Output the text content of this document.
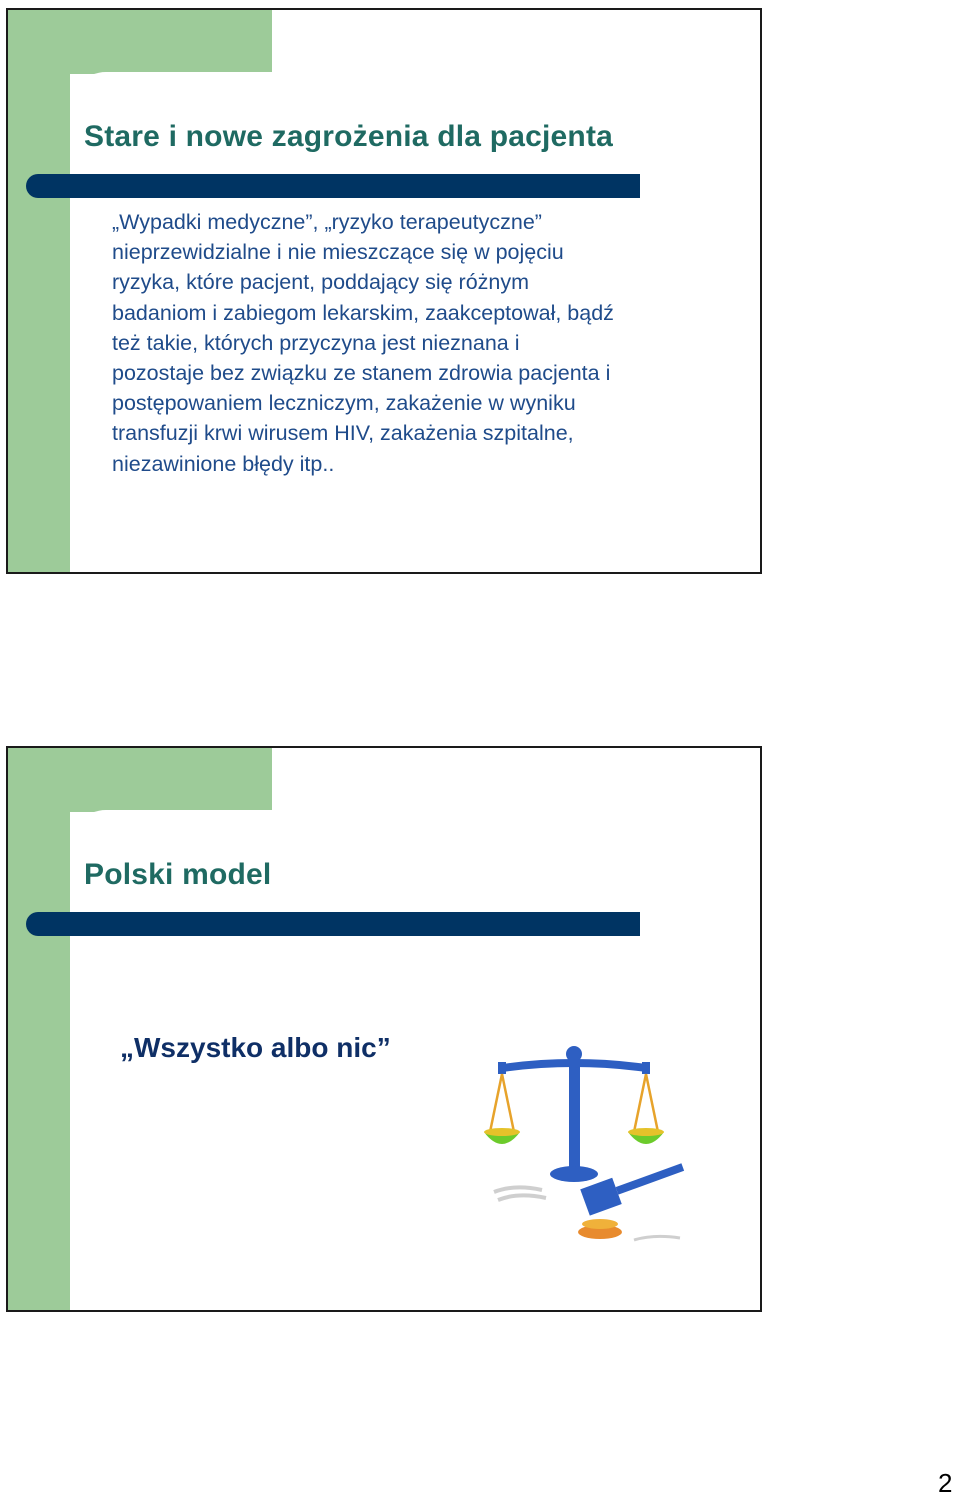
Stare i nowe zagrożenia dla pacjenta
„Wypadki medyczne”, „ryzyko terapeutyczne”
nieprzewidzialne i nie mieszczące się w pojęciu
ryzyka, które pacjent, poddający się różnym
badaniom i zabiegom lekarskim, zaakceptował, bądź
też takie, których przyczyna jest nieznana i
pozostaje bez związku ze stanem zdrowia pacjenta i
postępowaniem leczniczym, zakażenie w wyniku
transfuzji krwi wirusem HIV, zakażenia szpitalne,
niezawinione błędy itp..
Polski model
„Wszystko albo nic”
2
